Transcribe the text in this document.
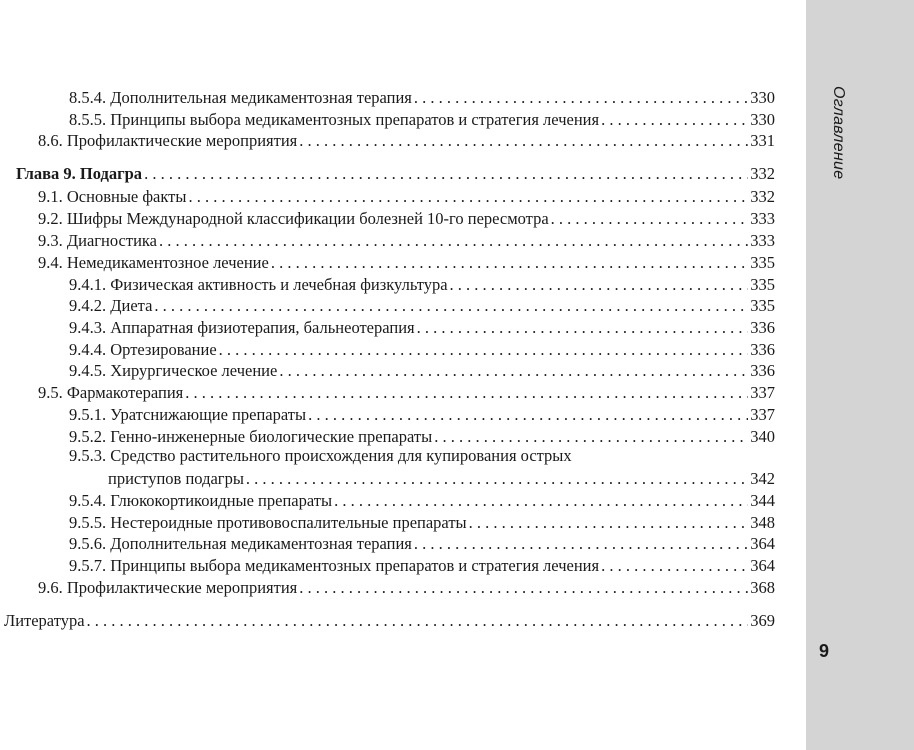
8.5.4. Дополнительная медикаментозная терапия . . .	330
8.5.5. Принципы выбора медикаментозных препаратов и стратегия лечения . . .	330
8.6. Профилактические мероприятия . . .	331
Глава 9. Подагра . . .	332
9.1. Основные факты . . .	332
9.2. Шифры Международной классификации болезней 10-го пересмотра . . .	333
9.3. Диагностика . . .	333
9.4. Немедикаментозное лечение . . .	335
9.4.1. Физическая активность и лечебная физкультура . . .	335
9.4.2. Диета . . .	335
9.4.3. Аппаратная физиотерапия, бальнеотерапия . . .	336
9.4.4. Ортезирование . . .	336
9.4.5. Хирургическое лечение . . .	336
9.5. Фармакотерапия . . .	337
9.5.1. Уратснижающие препараты . . .	337
9.5.2. Генно-инженерные биологические препараты . . .	340
9.5.3. Средство растительного происхождения для купирования острых
приступов подагры . . .	342
9.5.4. Глюкокортикоидные препараты . . .	344
9.5.5. Нестероидные противовоспалительные препараты . . .	348
9.5.6. Дополнительная медикаментозная терапия . . .	364
9.5.7. Принципы выбора медикаментозных препаратов и стратегия лечения . . .	364
9.6. Профилактические мероприятия . . .	368
Литература . . .	369
Оглавление
9
